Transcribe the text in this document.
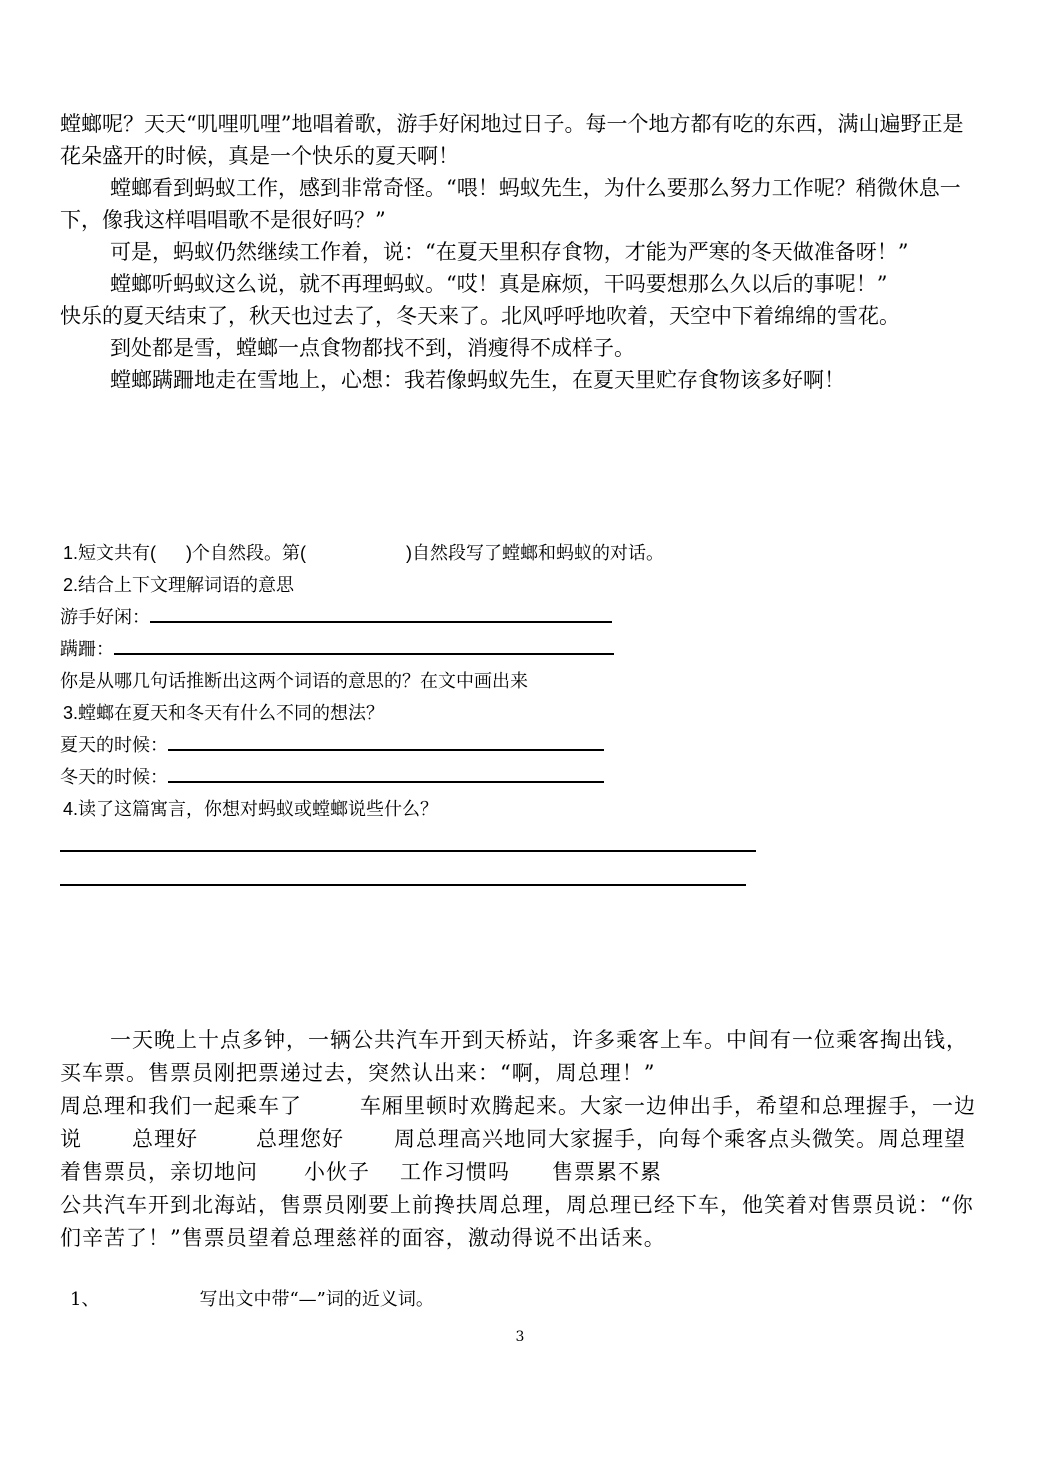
螳螂呢？天天“叽哩叽哩”地唱着歌，游手好闲地过日子。每一个地方都有吃的东西，满山遍野正是花朵盛开的时候，真是一个快乐的夏天啊！

螳螂看到蚂蚁工作，感到非常奇怪。“喂！蚂蚁先生，为什么要那么努力工作呢？稍微休息一下，像我这样唱唱歌不是很好吗？”

可是，蚂蚁仍然继续工作着，说：“在夏天里积存食物，才能为严寒的冬天做准备呀！”

螳螂听蚂蚁这么说，就不再理蚂蚁。“哎！真是麻烦，干吗要想那么久以后的事呢！”

快乐的夏天结束了，秋天也过去了，冬天来了。北风呼呼地吹着，天空中下着绵绵的雪花。

到处都是雪，螳螂一点食物都找不到，消瘦得不成样子。

螳螂蹒跚地走在雪地上，心想：我若像蚂蚁先生，在夏天里贮存食物该多好啊！

1.短文共有( )个自然段。第(	)自然段写了螳螂和蚂蚁的对话。
2.结合上下文理解词语的意思
游手好闲：
蹒跚：
你是从哪几句话推断出这两个词语的意思的？在文中画出来
3.螳螂在夏天和冬天有什么不同的想法？
夏天的时候：
冬天的时候：
4.读了这篇寓言，你想对蚂蚁或螳螂说些什么？

一天晚上十点多钟，一辆公共汽车开到天桥站，许多乘客上车。中间有一位乘客掏出钱，买车票。售票员刚把票递过去，突然认出来：“啊，周总理！”

周总理和我们一起乘车了	车厢里顿时欢腾起来。大家一边伸出手，希望和总理握手，一边说 总理好	总理您好 周总理高兴地同大家握手，向每个乘客点头微笑。周总理望着售票员，亲切地问 小伙子 工作习惯吗 售票累不累

公共汽车开到北海站，售票员刚要上前搀扶周总理，周总理已经下车，他笑着对售票员说：“你们辛苦了！”售票员望着总理慈祥的面容，激动得说不出话来。

1、	写出文中带“—”词的近义词。
3
